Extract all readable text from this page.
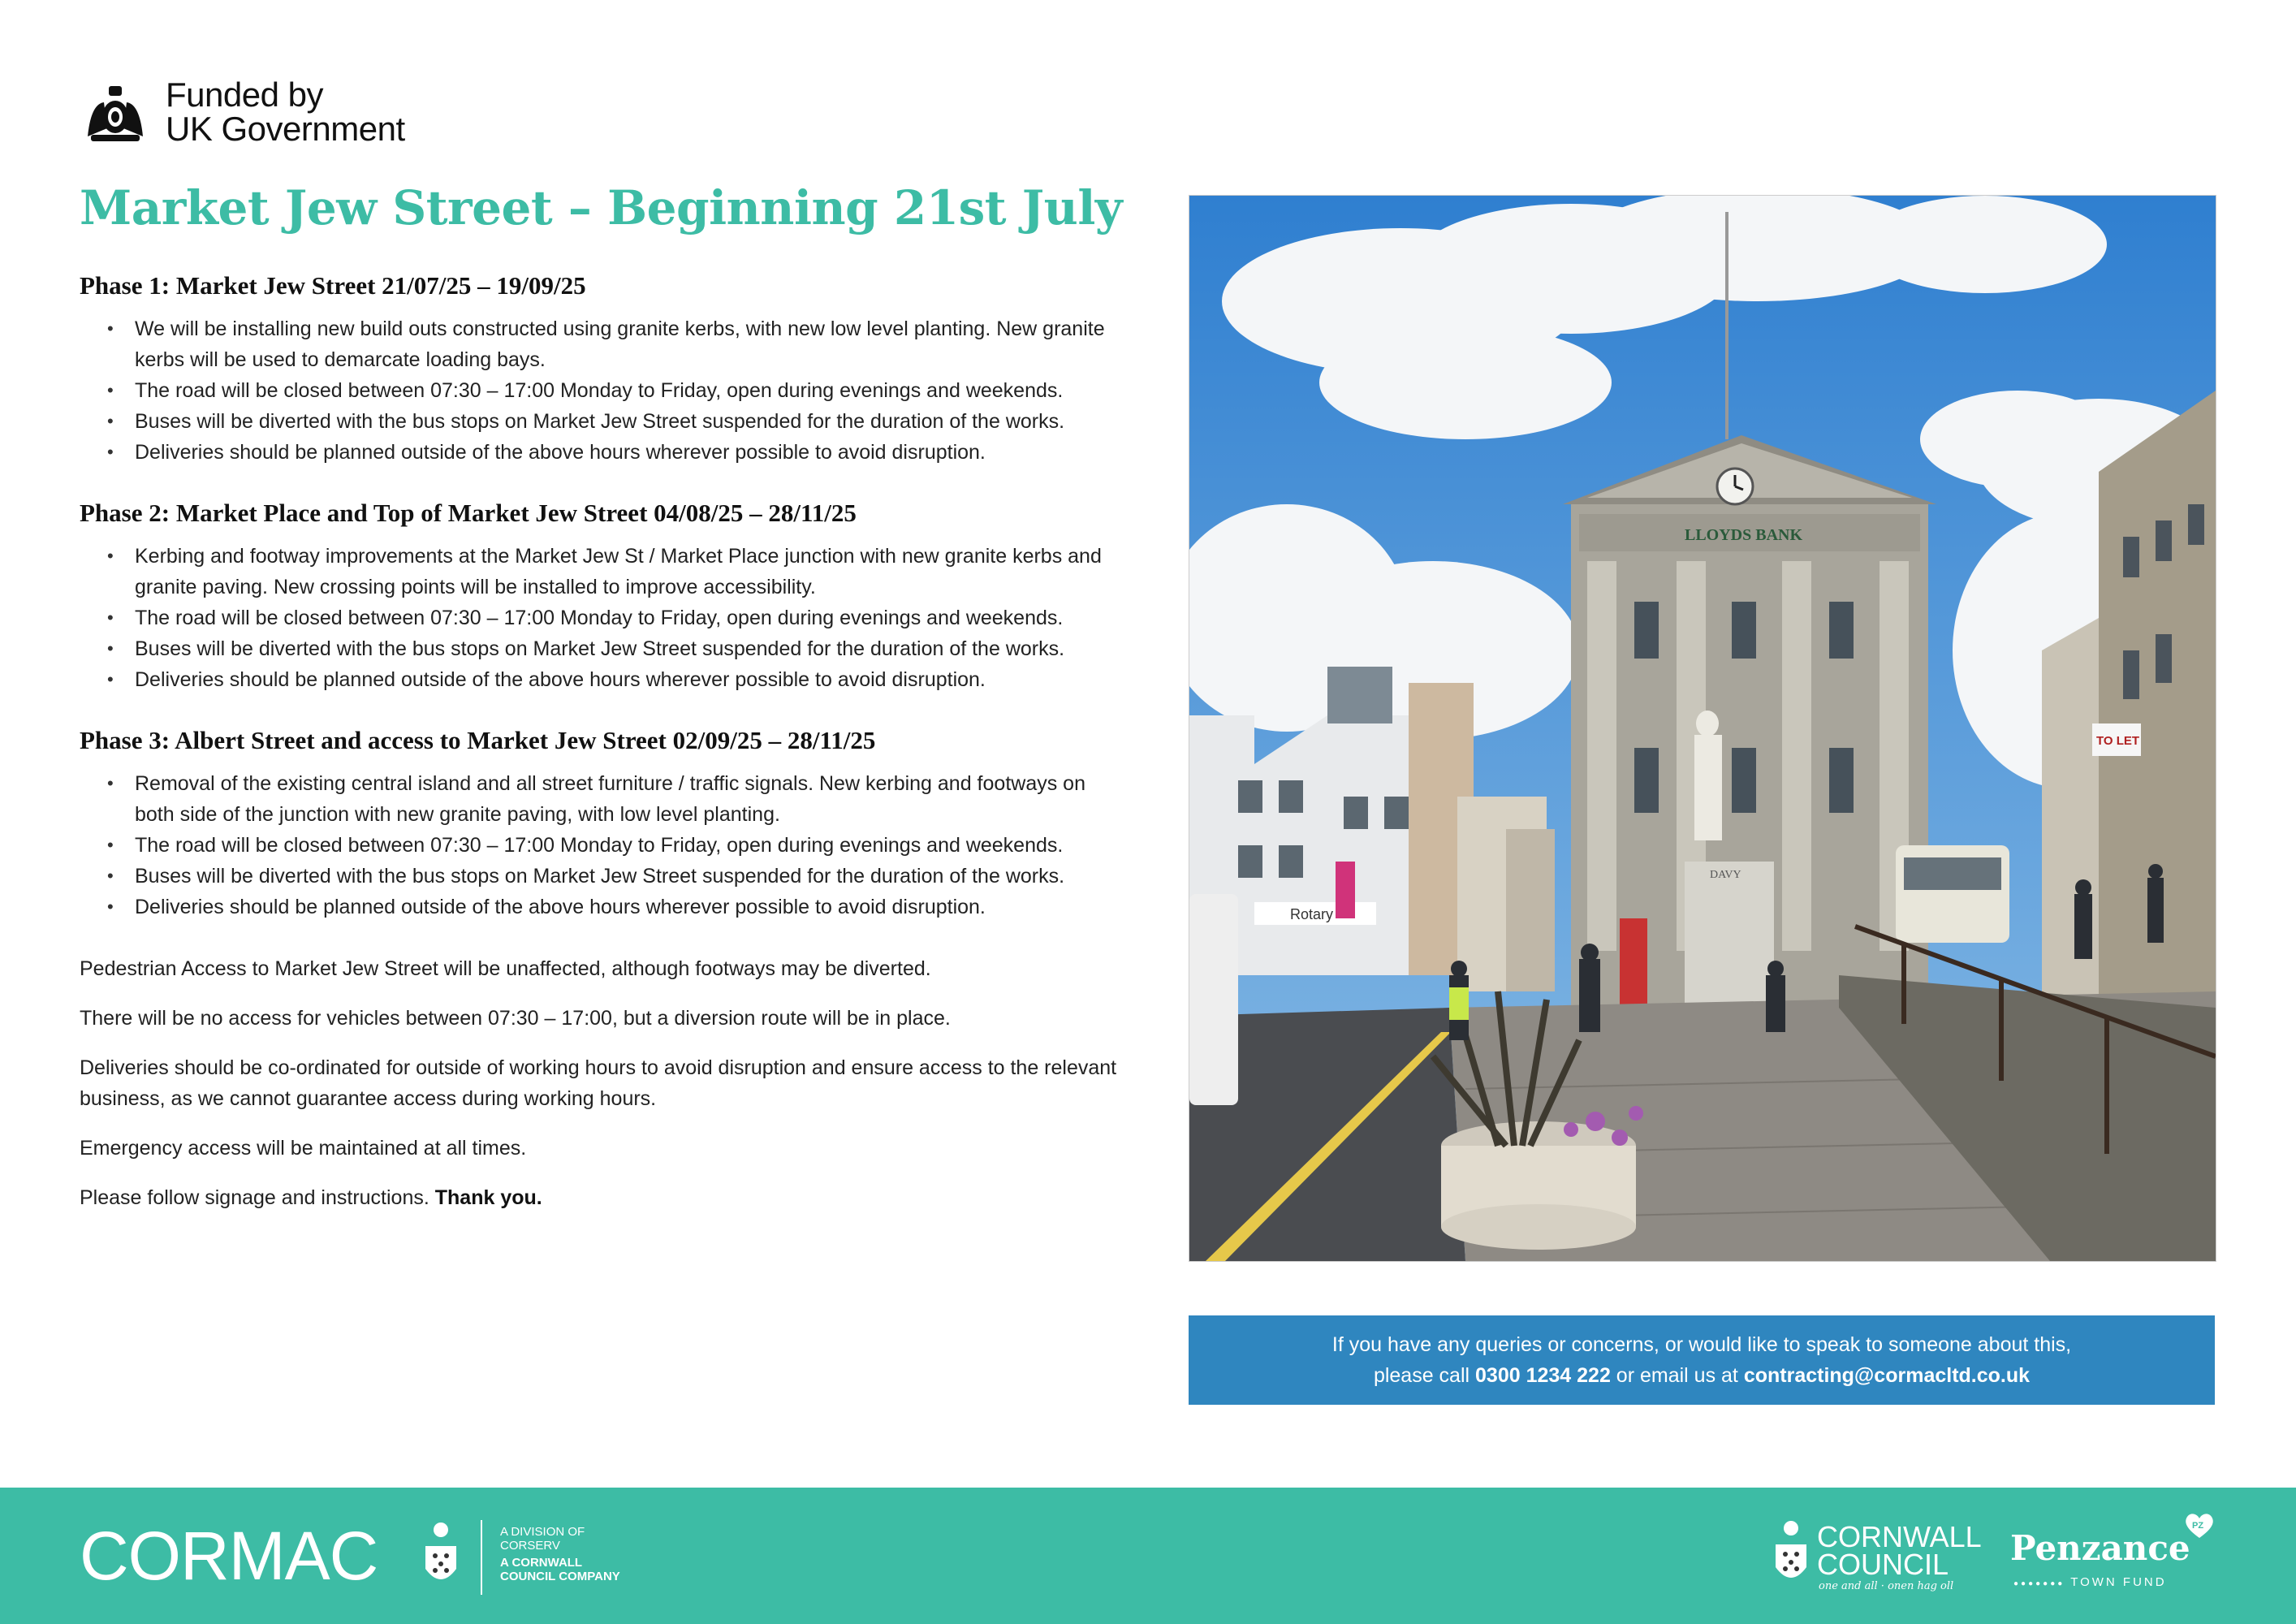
Funded by
UK Government
Market Jew Street – Beginning 21st July
Phase 1: Market Jew Street 21/07/25 – 19/09/25
• We will be installing new build outs constructed using granite kerbs, with new low level planting. New granite kerbs will be used to demarcate loading bays.
• The road will be closed between 07:30 – 17:00 Monday to Friday, open during evenings and weekends.
• Buses will be diverted with the bus stops on Market Jew Street suspended for the duration of the works.
• Deliveries should be planned outside of the above hours wherever possible to avoid disruption.
Phase 2: Market Place and Top of Market Jew Street 04/08/25 – 28/11/25
• Kerbing and footway improvements at the Market Jew St / Market Place junction with new granite kerbs and granite paving. New crossing points will be installed to improve accessibility.
• The road will be closed between 07:30 – 17:00 Monday to Friday, open during evenings and weekends.
• Buses will be diverted with the bus stops on Market Jew Street suspended for the duration of the works.
• Deliveries should be planned outside of the above hours wherever possible to avoid disruption.
Phase 3: Albert Street and access to Market Jew Street 02/09/25 – 28/11/25
• Removal of the existing central island and all street furniture / traffic signals. New kerbing and footways on both side of the junction with new granite paving, with low level planting.
• The road will be closed between 07:30 – 17:00 Monday to Friday, open during evenings and weekends.
• Buses will be diverted with the bus stops on Market Jew Street suspended for the duration of the works.
• Deliveries should be planned outside of the above hours wherever possible to avoid disruption.

Pedestrian Access to Market Jew Street will be unaffected, although footways may be diverted.

There will be no access for vehicles between 07:30 – 17:00, but a diversion route will be in place.

Deliveries should be co-ordinated for outside of working hours to avoid disruption and ensure access to the relevant business, as we cannot guarantee access during working hours.

Emergency access will be maintained at all times.

Please follow signage and instructions. Thank you.

Rotary
LLOYDS BANK
DAVY
TO LET
If you have any queries or concerns, or would like to speak to someone about this,
please call 0300 1234 222 or email us at contracting@cormacltd.co.uk
CORMAC	A DIVISION OF
CORSERV
A CORNWALL
COUNCIL COMPANY
CORNWALL
COUNCIL
one and all · onen hag oll
Penzance
PZ
●●●●●●● TOWN FUND
